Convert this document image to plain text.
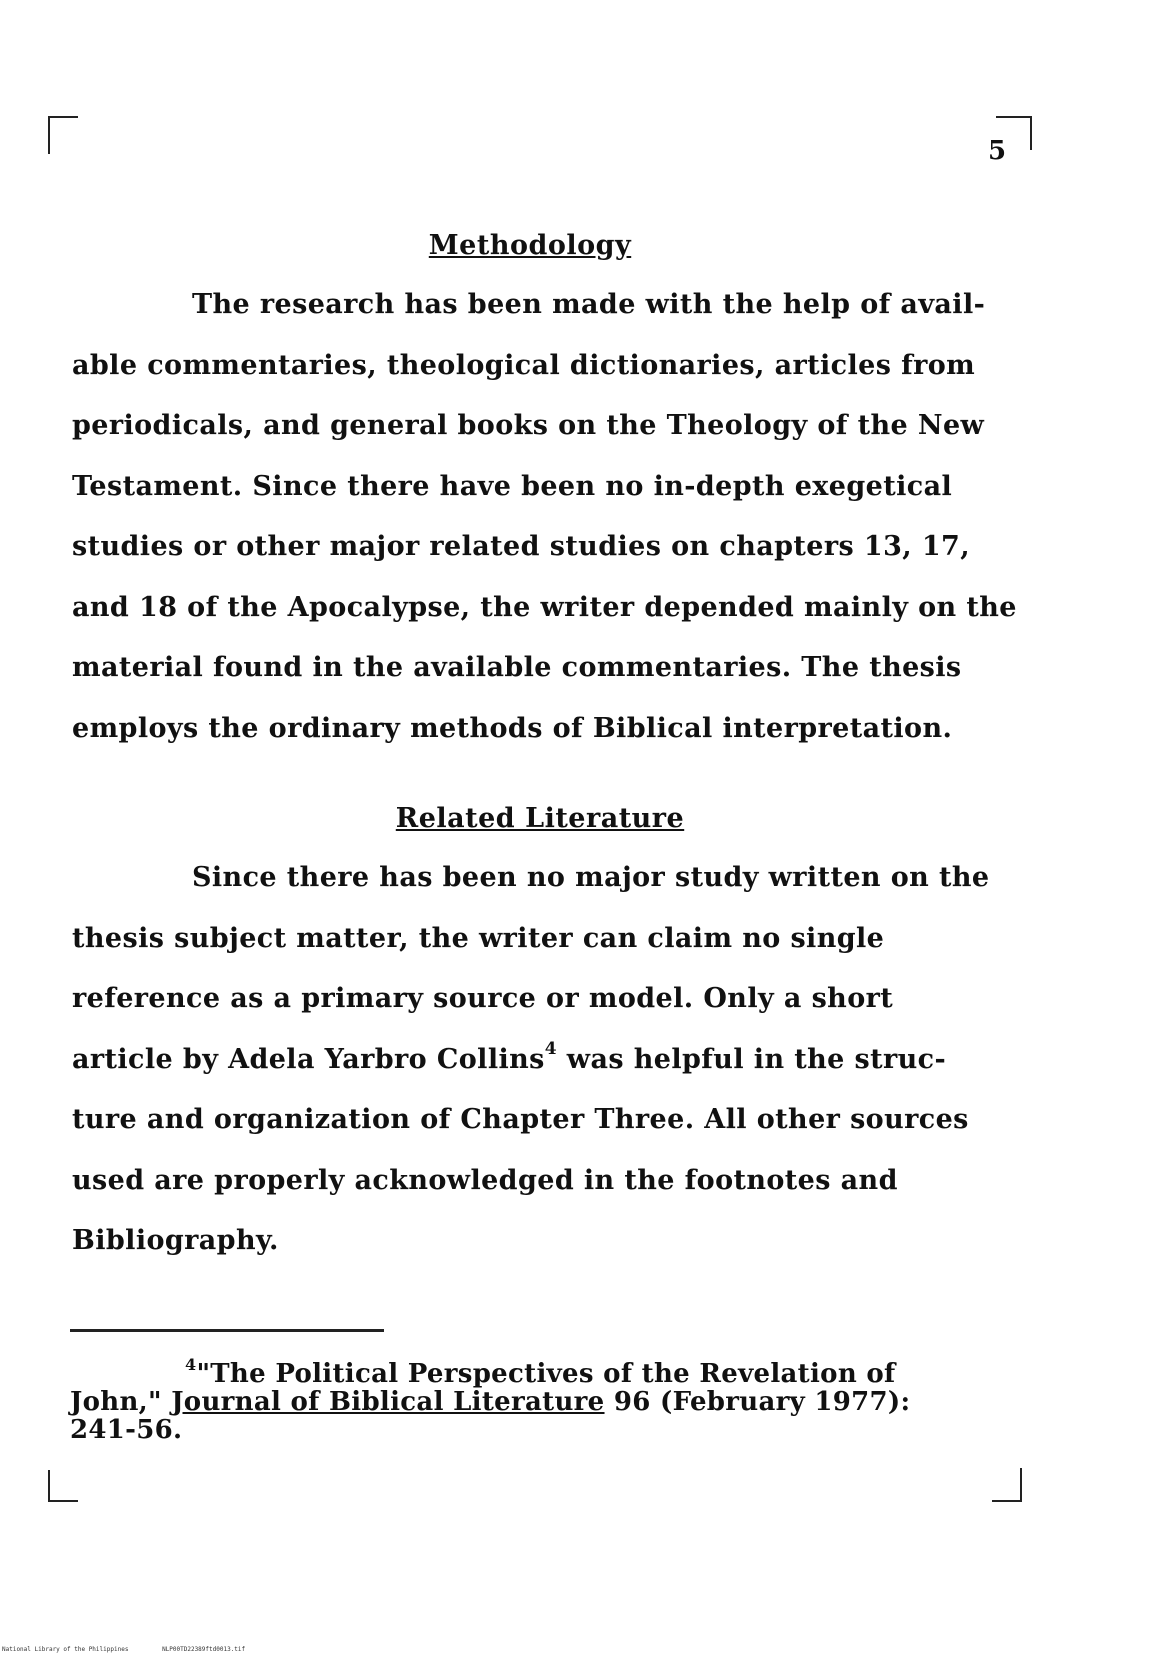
5
Methodology
The research has been made with the help of avail-
able commentaries, theological dictionaries, articles from
periodicals, and general books on the Theology of the New
Testament. Since there have been no in-depth exegetical
studies or other major related studies on chapters 13, 17,
and 18 of the Apocalypse, the writer depended mainly on the
material found in the available commentaries. The thesis
employs the ordinary methods of Biblical interpretation.
Related Literature
Since there has been no major study written on the
thesis subject matter, the writer can claim no single
reference as a primary source or model. Only a short
article by Adela Yarbro Collins$^4$ was helpful in the struc-
ture and organization of Chapter Three. All other sources
used are properly acknowledged in the footnotes and
Bibliography.
$^4$"The Political Perspectives of the Revelation of
John," Journal of Biblical Literature 96 (February 1977):
241-56.
National Library of the Philippines	NLP00TD22389ftd0013.tif
